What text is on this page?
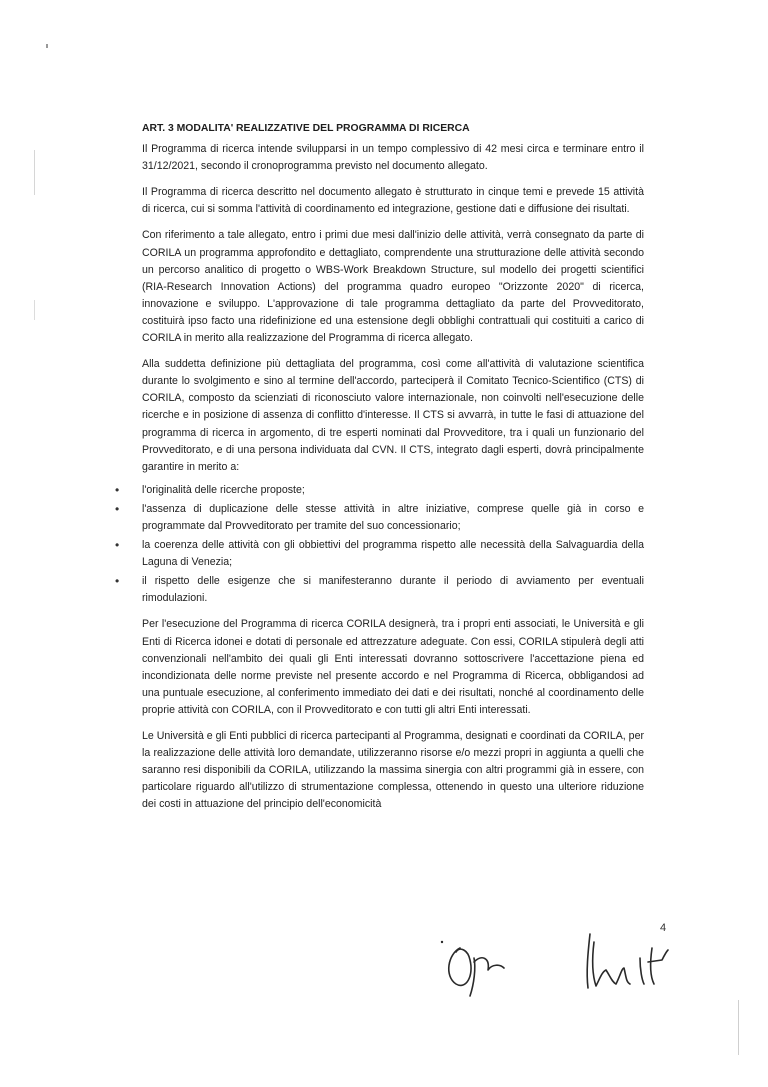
ART. 3 MODALITA' REALIZZATIVE DEL PROGRAMMA DI RICERCA

Il Programma di ricerca intende svilupparsi in un tempo complessivo di 42 mesi circa e terminare entro il 31/12/2021, secondo il cronoprogramma previsto nel documento allegato.

Il Programma di ricerca descritto nel documento allegato è strutturato in cinque temi e prevede 15 attività di ricerca, cui si somma l'attività di coordinamento ed integrazione, gestione dati e diffusione dei risultati.

Con riferimento a tale allegato, entro i primi due mesi dall'inizio delle attività, verrà consegnato da parte di CORILA un programma approfondito e dettagliato, comprendente una strutturazione delle attività secondo un percorso analitico di progetto o WBS-Work Breakdown Structure, sul modello dei progetti scientifici (RIA-Research Innovation Actions) del programma quadro europeo "Orizzonte 2020" di ricerca, innovazione e sviluppo. L'approvazione di tale programma dettagliato da parte del Provveditorato, costituirà ipso facto una ridefinizione ed una estensione degli obblighi contrattuali qui costituiti a carico di CORILA in merito alla realizzazione del Programma di ricerca allegato.

Alla suddetta definizione più dettagliata del programma, così come all'attività di valutazione scientifica durante lo svolgimento e sino al termine dell'accordo, parteciperà il Comitato Tecnico-Scientifico (CTS) di CORILA, composto da scienziati di riconosciuto valore internazionale, non coinvolti nell'esecuzione delle ricerche e in posizione di assenza di conflitto d'interesse. Il CTS si avvarrà, in tutte le fasi di attuazione del programma di ricerca in argomento, di tre esperti nominati dal Provveditore, tra i quali un funzionario del Provveditorato, e di una persona individuata dal CVN. Il CTS, integrato dagli esperti, dovrà principalmente garantire in merito a:

• l'originalità delle ricerche proposte;
• l'assenza di duplicazione delle stesse attività in altre iniziative, comprese quelle già in corso e programmate dal Provveditorato per tramite del suo concessionario;
• la coerenza delle attività con gli obbiettivi del programma rispetto alle necessità della Salvaguardia della Laguna di Venezia;
• il rispetto delle esigenze che si manifesteranno durante il periodo di avviamento per eventuali rimodulazioni.

Per l'esecuzione del Programma di ricerca CORILA designerà, tra i propri enti associati, le Università e gli Enti di Ricerca idonei e dotati di personale ed attrezzature adeguate. Con essi, CORILA stipulerà degli atti convenzionali nell'ambito dei quali gli Enti interessati dovranno sottoscrivere l'accettazione piena ed incondizionata delle norme previste nel presente accordo e nel Programma di Ricerca, obbligandosi ad una puntuale esecuzione, al conferimento immediato dei dati e dei risultati, nonché al coordinamento delle proprie attività con CORILA, con il Provveditorato e con tutti gli altri Enti interessati.

Le Università e gli Enti pubblici di ricerca partecipanti al Programma, designati e coordinati da CORILA, per la realizzazione delle attività loro demandate, utilizzeranno risorse e/o mezzi propri in aggiunta a quelli che saranno resi disponibili da CORILA, utilizzando la massima sinergia con altri programmi già in essere, con particolare riguardo all'utilizzo di strumentazione complessa, ottenendo in questo una ulteriore riduzione dei costi in attuazione del principio dell'economicità

4
